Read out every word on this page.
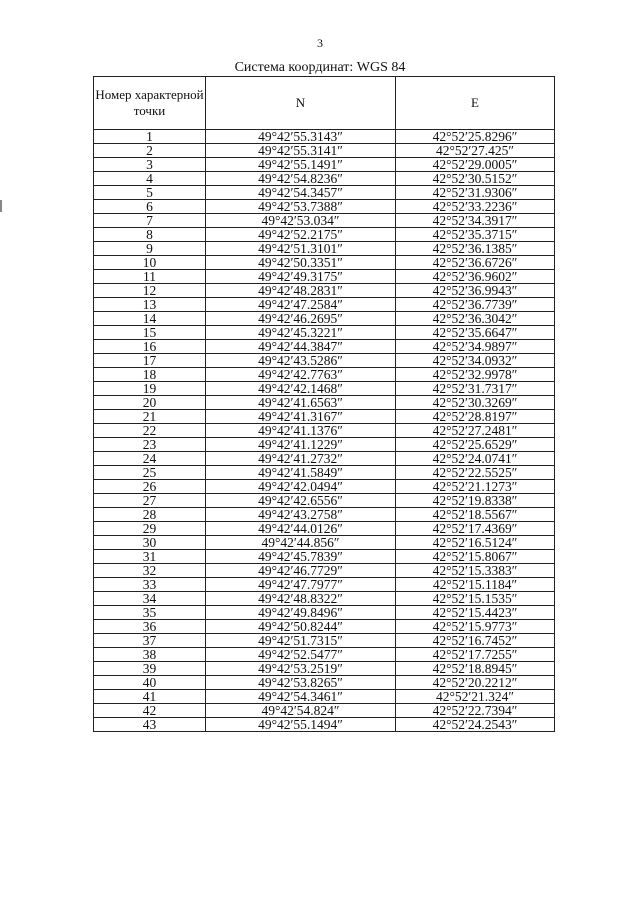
3
Система координат: WGS 84
Номер характерной точки	N	E
1	49°42′55.3143″	42°52′25.8296″
2	49°42′55.3141″	42°52′27.425″
3	49°42′55.1491″	42°52′29.0005″
4	49°42′54.8236″	42°52′30.5152″
5	49°42′54.3457″	42°52′31.9306″
6	49°42′53.7388″	42°52′33.2236″
7	49°42′53.034″	42°52′34.3917″
8	49°42′52.2175″	42°52′35.3715″
9	49°42′51.3101″	42°52′36.1385″
10	49°42′50.3351″	42°52′36.6726″
11	49°42′49.3175″	42°52′36.9602″
12	49°42′48.2831″	42°52′36.9943″
13	49°42′47.2584″	42°52′36.7739″
14	49°42′46.2695″	42°52′36.3042″
15	49°42′45.3221″	42°52′35.6647″
16	49°42′44.3847″	42°52′34.9897″
17	49°42′43.5286″	42°52′34.0932″
18	49°42′42.7763″	42°52′32.9978″
19	49°42′42.1468″	42°52′31.7317″
20	49°42′41.6563″	42°52′30.3269″
21	49°42′41.3167″	42°52′28.8197″
22	49°42′41.1376″	42°52′27.2481″
23	49°42′41.1229″	42°52′25.6529″
24	49°42′41.2732″	42°52′24.0741″
25	49°42′41.5849″	42°52′22.5525″
26	49°42′42.0494″	42°52′21.1273″
27	49°42′42.6556″	42°52′19.8338″
28	49°42′43.2758″	42°52′18.5567″
29	49°42′44.0126″	42°52′17.4369″
30	49°42′44.856″	42°52′16.5124″
31	49°42′45.7839″	42°52′15.8067″
32	49°42′46.7729″	42°52′15.3383″
33	49°42′47.7977″	42°52′15.1184″
34	49°42′48.8322″	42°52′15.1535″
35	49°42′49.8496″	42°52′15.4423″
36	49°42′50.8244″	42°52′15.9773″
37	49°42′51.7315″	42°52′16.7452″
38	49°42′52.5477″	42°52′17.7255″
39	49°42′53.2519″	42°52′18.8945″
40	49°42′53.8265″	42°52′20.2212″
41	49°42′54.3461″	42°52′21.324″
42	49°42′54.824″	42°52′22.7394″
43	49°42′55.1494″	42°52′24.2543″
